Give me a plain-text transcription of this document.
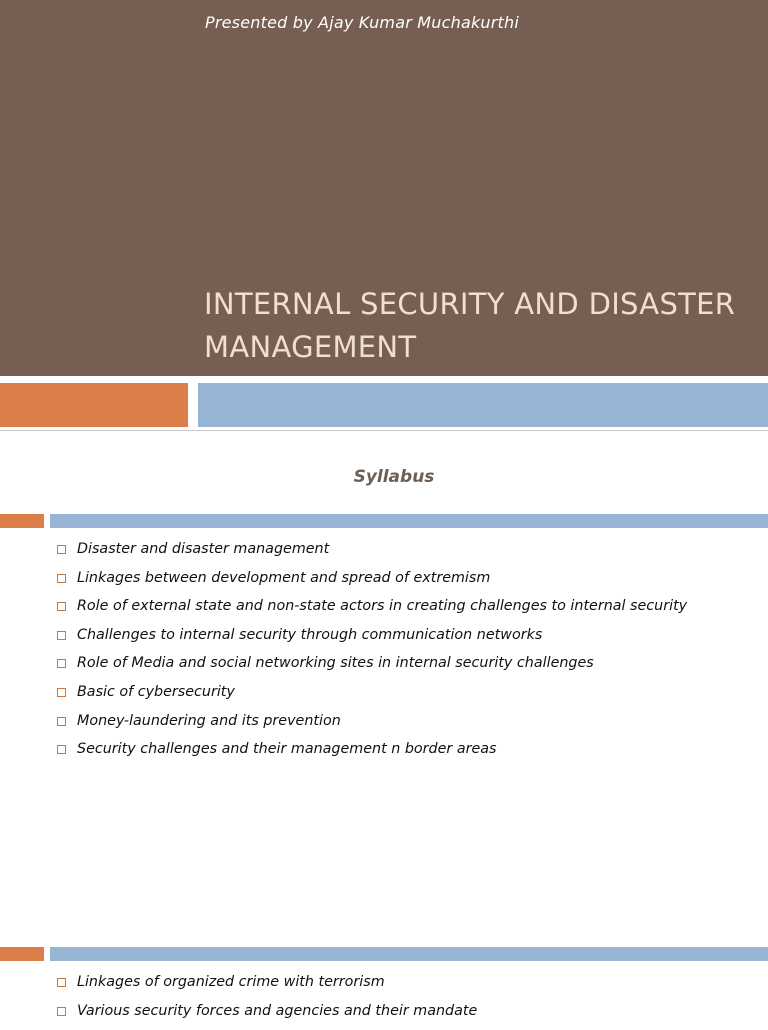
INTERNAL SECURITY AND DISASTER
MANAGEMENT
Presented by Ajay Kumar Muchakurthi
Syllabus
Disaster and disaster management
Linkages between development and spread of extremism
Role of external state and non-state actors in creating challenges to internal security
Challenges to internal security through communication networks
Role of Media and social networking sites in internal security challenges
Basic of cybersecurity
Money-laundering and its prevention
Security challenges and their management n border areas
Linkages of organized crime with terrorism
Various security forces and agencies and their mandate
